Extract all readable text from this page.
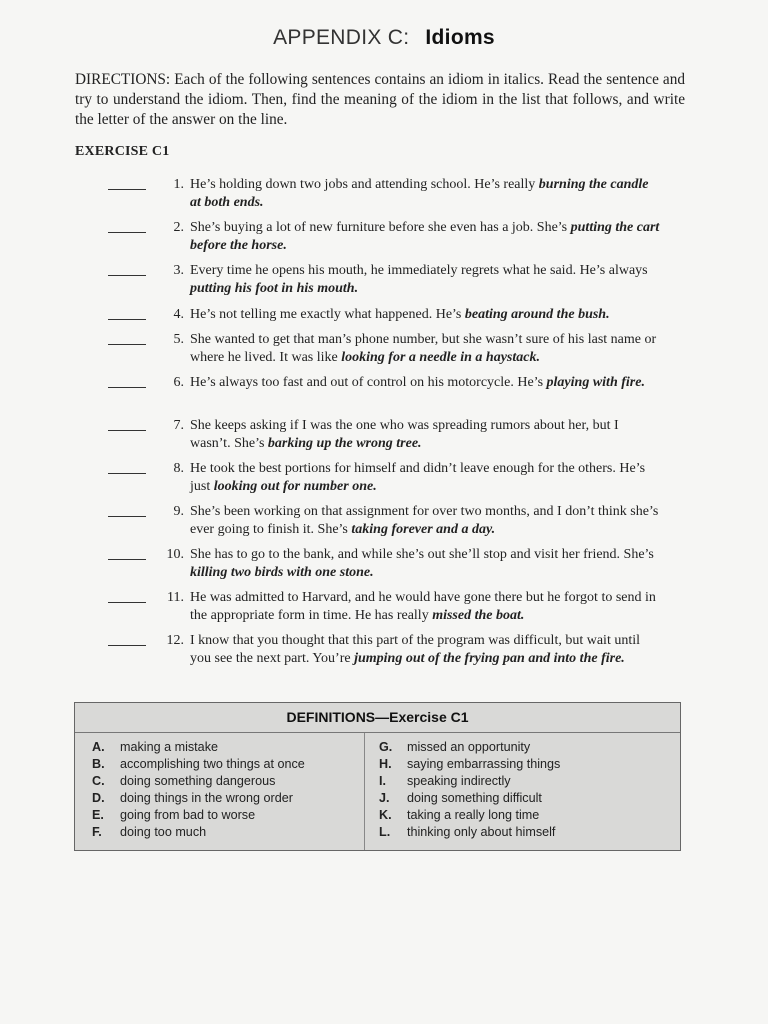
APPENDIX C: Idioms
DIRECTIONS: Each of the following sentences contains an idiom in italics. Read the sentence and try to understand the idiom. Then, find the meaning of the idiom in the list that follows, and write the letter of the answer on the line.
EXERCISE C1
1. He’s holding down two jobs and attending school. He’s really burning the candle at both ends.
2. She’s buying a lot of new furniture before she even has a job. She’s putting the cart before the horse.
3. Every time he opens his mouth, he immediately regrets what he said. He’s always putting his foot in his mouth.
4. He’s not telling me exactly what happened. He’s beating around the bush.
5. She wanted to get that man’s phone number, but she wasn’t sure of his last name or where he lived. It was like looking for a needle in a haystack.
6. He’s always too fast and out of control on his motorcycle. He’s playing with fire.
7. She keeps asking if I was the one who was spreading rumors about her, but I wasn’t. She’s barking up the wrong tree.
8. He took the best portions for himself and didn’t leave enough for the others. He’s just looking out for number one.
9. She’s been working on that assignment for over two months, and I don’t think she’s ever going to finish it. She’s taking forever and a day.
10. She has to go to the bank, and while she’s out she’ll stop and visit her friend. She’s killing two birds with one stone.
11. He was admitted to Harvard, and he would have gone there but he forgot to send in the appropriate form in time. He has really missed the boat.
12. I know that you thought that this part of the program was difficult, but wait until you see the next part. You’re jumping out of the frying pan and into the fire.
DEFINITIONS—Exercise C1
A. making a mistake
B. accomplishing two things at once
C. doing something dangerous
D. doing things in the wrong order
E. going from bad to worse
F. doing too much
G. missed an opportunity
H. saying embarrassing things
I. speaking indirectly
J. doing something difficult
K. taking a really long time
L. thinking only about himself
